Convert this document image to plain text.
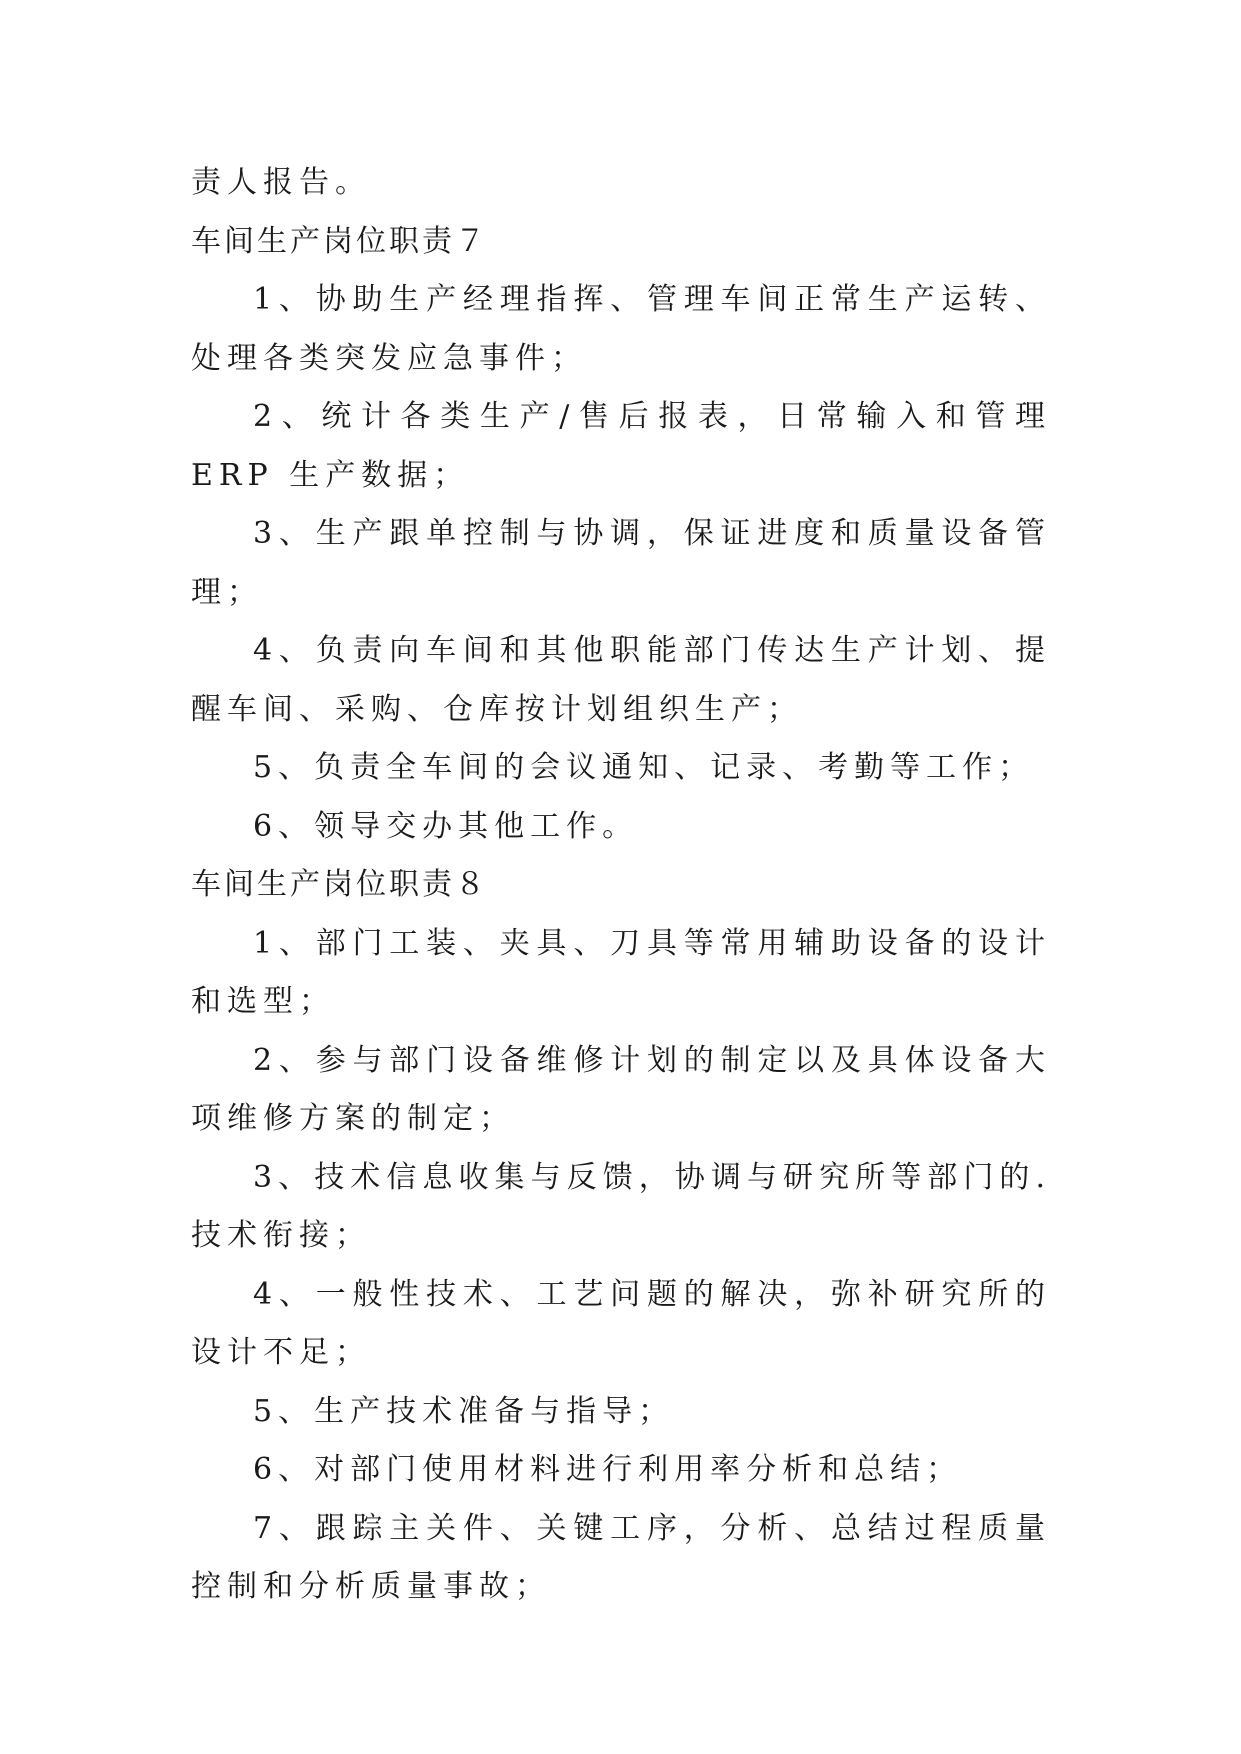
责人报告。
车间生产岗位职责７
1、协助生产经理指挥、管理车间正常生产运转、处理各类突发应急事件；
2、统计各类生产/售后报表，日常输入和管理 ERP 生产数据；
3、生产跟单控制与协调，保证进度和质量设备管理；
4、负责向车间和其他职能部门传达生产计划、提醒车间、采购、仓库按计划组织生产；
5、负责全车间的会议通知、记录、考勤等工作；
6、领导交办其他工作。
车间生产岗位职责８
1、部门工装、夹具、刀具等常用辅助设备的设计和选型；
2、参与部门设备维修计划的制定以及具体设备大项维修方案的制定；
3、技术信息收集与反馈，协调与研究所等部门的.技术衔接；
4、一般性技术、工艺问题的解决，弥补研究所的设计不足；
5、生产技术准备与指导；
6、对部门使用材料进行利用率分析和总结；
7、跟踪主关件、关键工序，分析、总结过程质量控制和分析质量事故；
